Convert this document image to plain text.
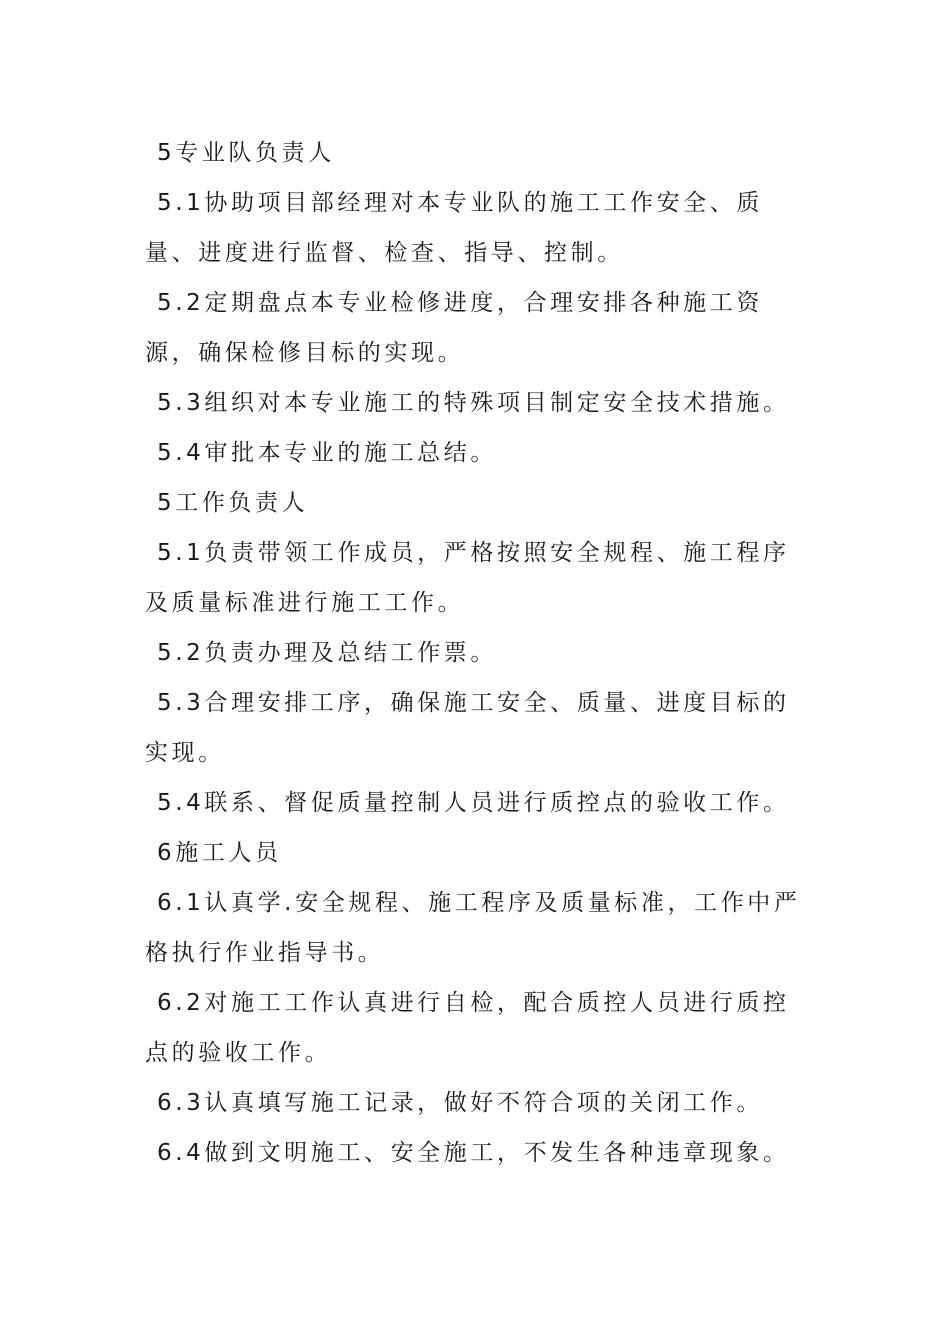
5专业队负责人

5.1协助项目部经理对本专业队的施工工作安全、质量、进度进行监督、检查、指导、控制。

5.2定期盘点本专业检修进度，合理安排各种施工资源，确保检修目标的实现。

5.3组织对本专业施工的特殊项目制定安全技术措施。

5.4审批本专业的施工总结。

5工作负责人

5.1负责带领工作成员，严格按照安全规程、施工程序及质量标准进行施工工作。

5.2负责办理及总结工作票。

5.3合理安排工序，确保施工安全、质量、进度目标的实现。

5.4联系、督促质量控制人员进行质控点的验收工作。

6施工人员

6.1认真学.安全规程、施工程序及质量标准，工作中严格执行作业指导书。

6.2对施工工作认真进行自检，配合质控人员进行质控点的验收工作。

6.3认真填写施工记录，做好不符合项的关闭工作。

6.4做到文明施工、安全施工，不发生各种违章现象。
